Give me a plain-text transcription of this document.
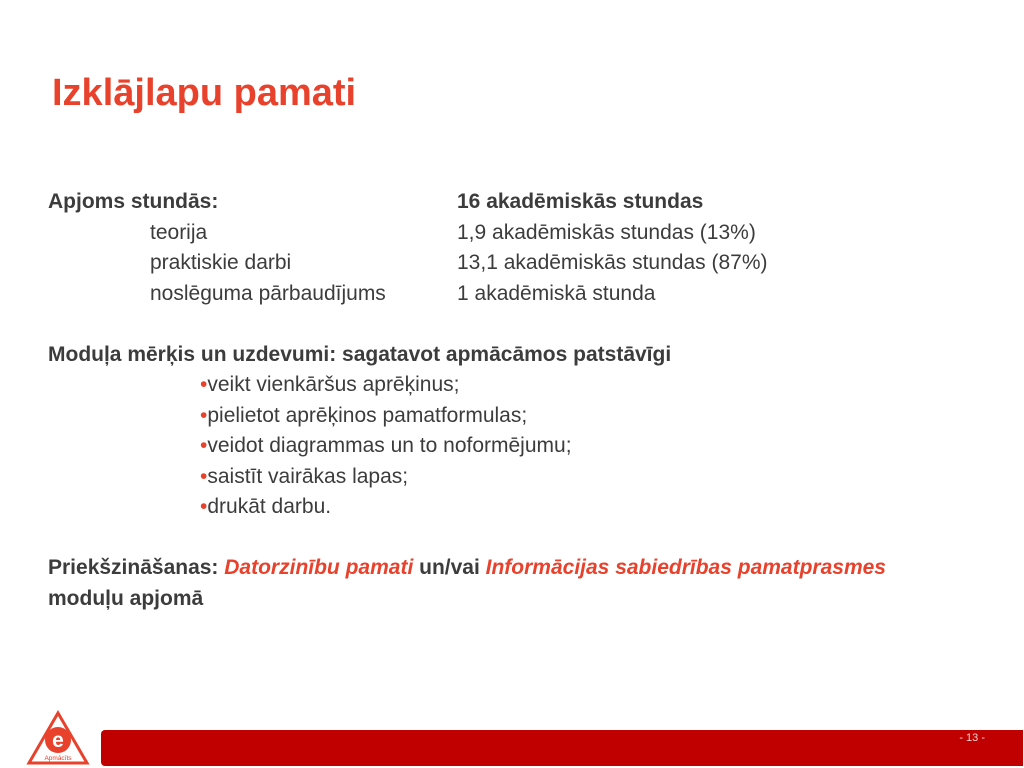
Izklājlapu pamati
Apjoms stundās:	16 akadēmiskās stundas
teorija	1,9 akadēmiskās stundas (13%)
praktiskie darbi	13,1 akadēmiskās stundas (87%)
noslēguma pārbaudījums	1 akadēmiskā stunda
Moduļa mērķis un uzdevumi: sagatavot apmācāmos patstāvīgi
•veikt vienkāršus aprēķinus;
•pielietot aprēķinos pamatformulas;
•veidot diagrammas un to noformējumu;
•saistīt vairākas lapas;
•drukāt darbu.
Priekšzināšanas: Datorzinību pamati un/vai Informācijas sabiedrības pamatprasmes moduļu apjomā
e
Apmācīts
- 13 -
